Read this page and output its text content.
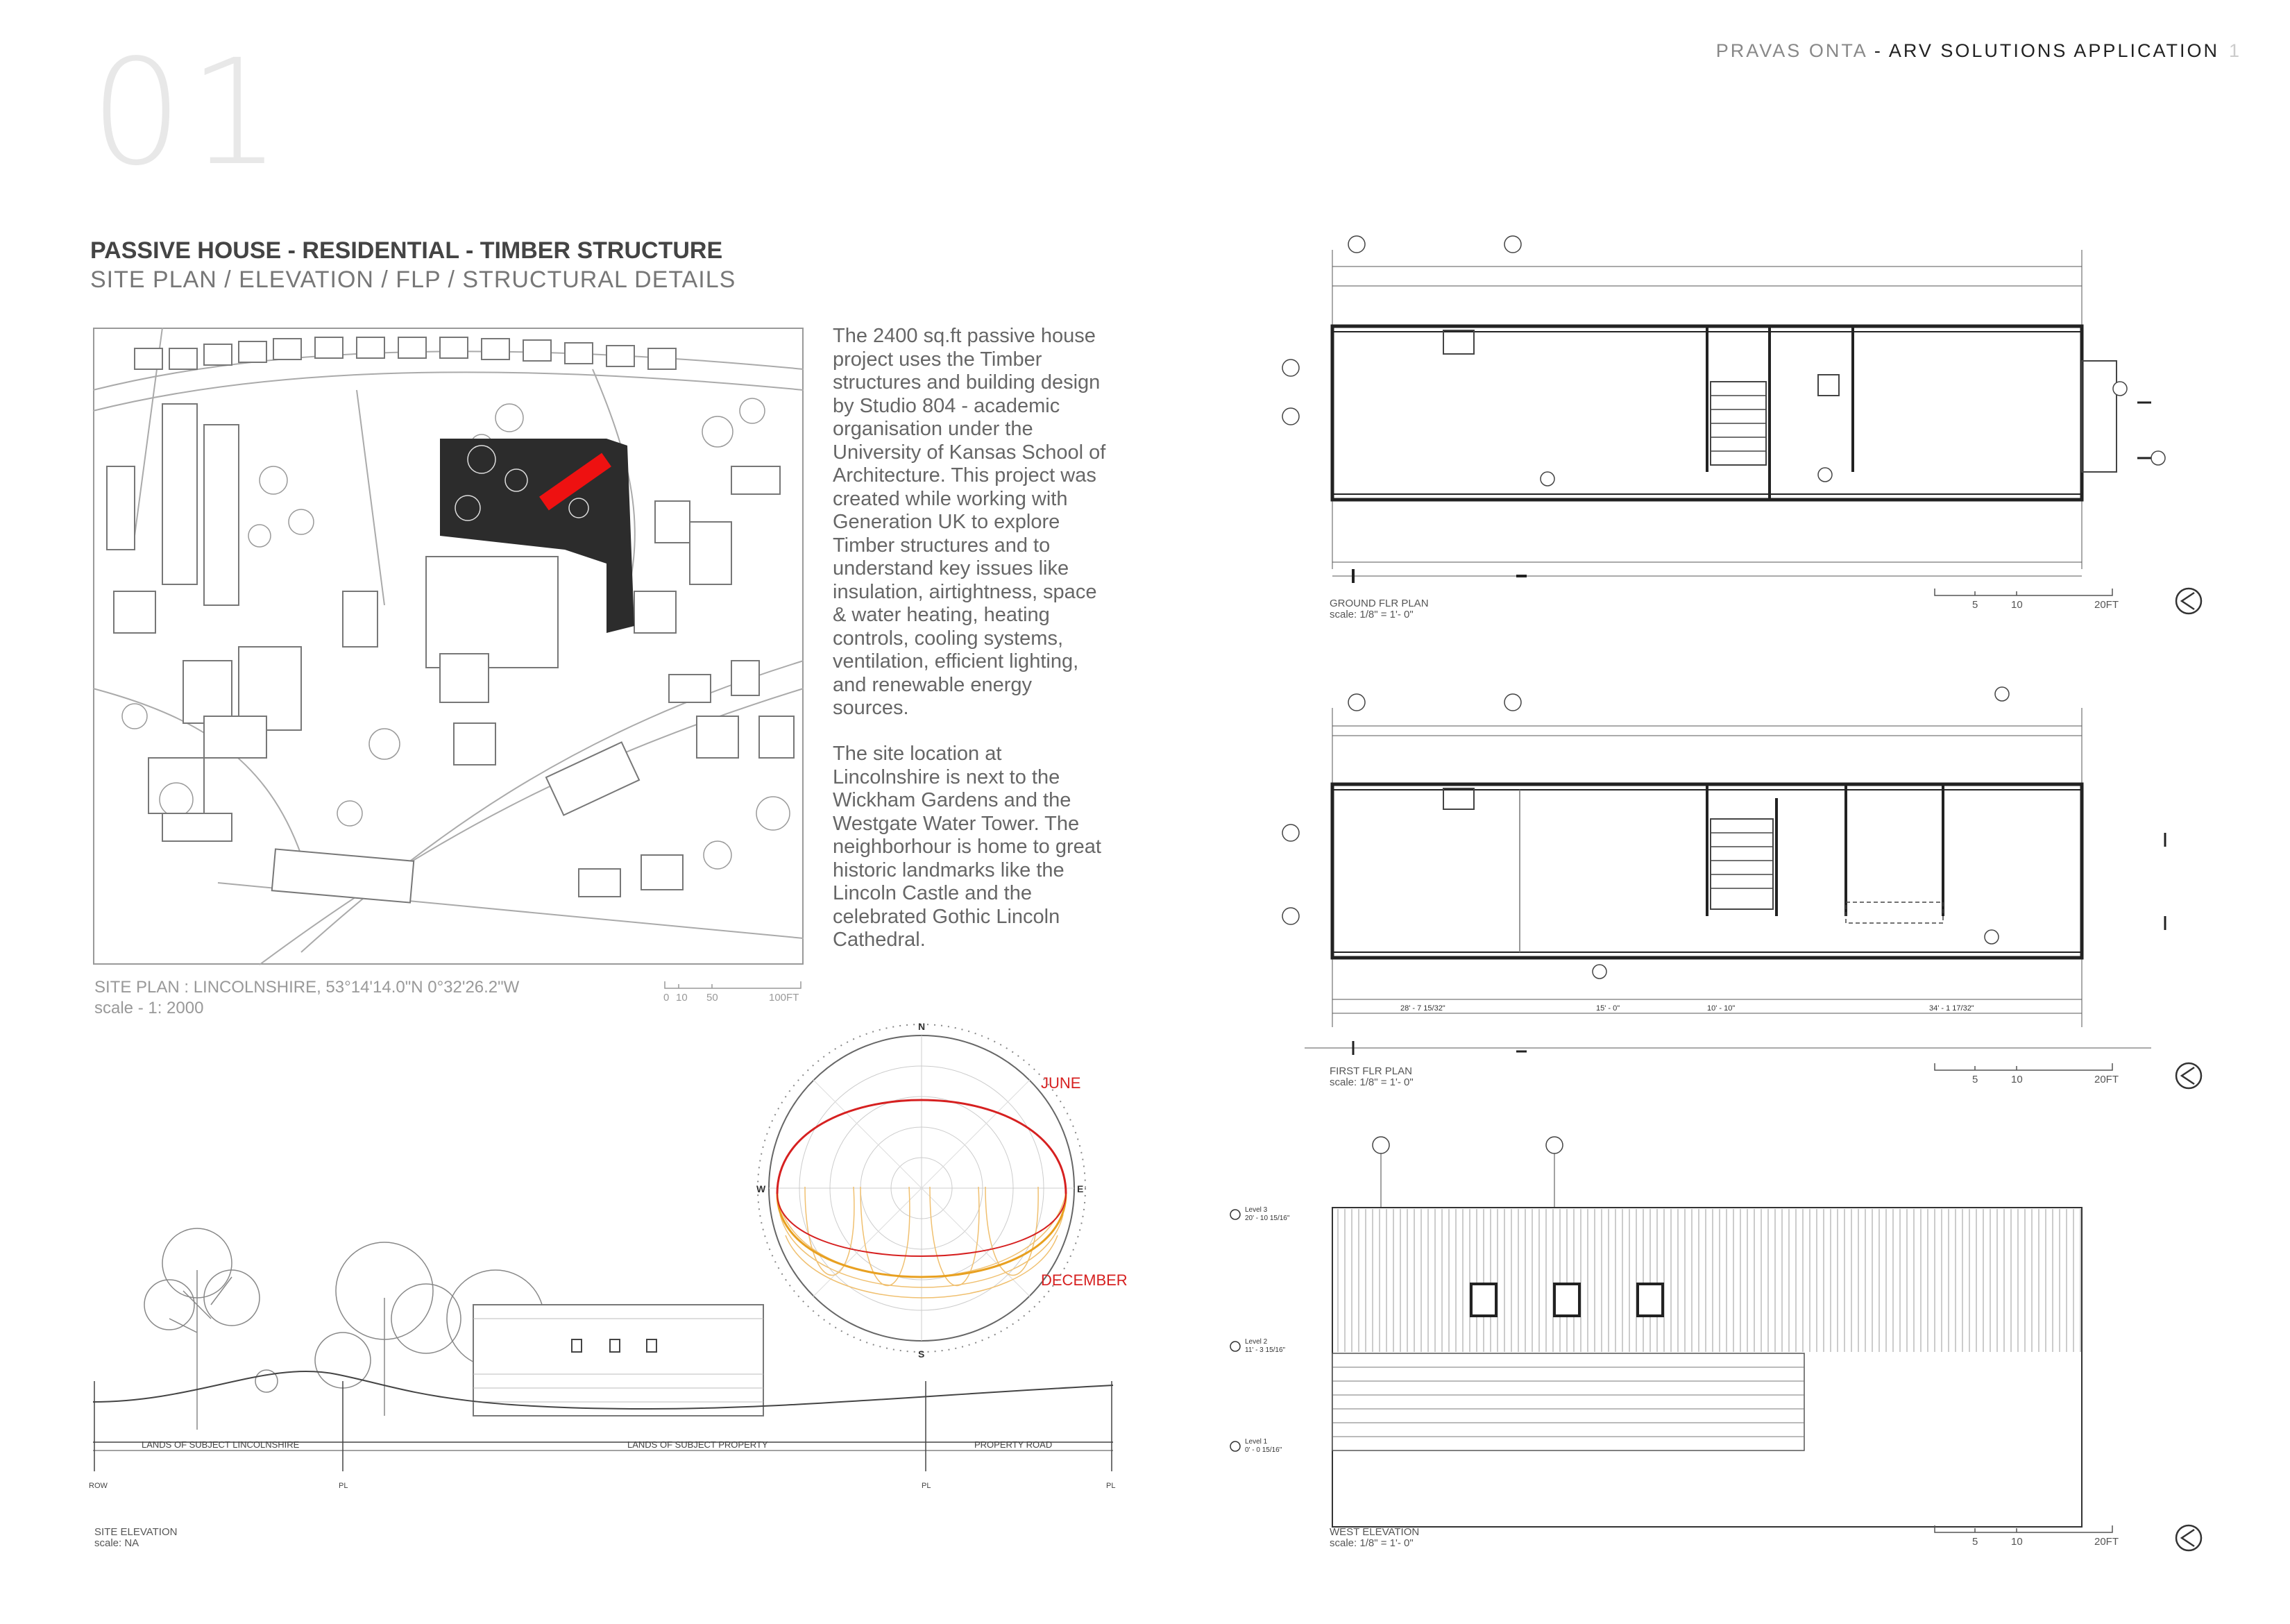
01	PRAVAS ONTA - ARV SOLUTIONS APPLICATION 1
PASSIVE HOUSE - RESIDENTIAL - TIMBER STRUCTURE
SITE PLAN / ELEVATION / FLP / STRUCTURAL DETAILS
SITE PLAN : LINCOLNSHIRE, 53°14'14.0"N 0°32'26.2"W
scale - 1: 2000
0 10 50	100FT
The 2400 sq.ft passive house project uses the Timber structures and building design by Studio 804 - academic organisation under the University of Kansas School of Architecture. This project was created while working with Generation UK to explore Timber structures and to understand key issues like insulation, airtightness, space & water heating, heating controls, cooling systems, ventilation, efficient lighting, and renewable energy sources.
The site location at Lincolnshire is next to the Wickham Gardens and the Westgate Water Tower. The neighborhour is home to great historic landmarks like the Lincoln Castle and the celebrated Gothic Lincoln Cathedral.
N
S
E
W
JUNE
DECEMBER
LANDS OF SUBJECT LINCOLNSHIRE	LANDS OF SUBJECT PROPERTY	PROPERTY ROAD
ROW	PL	PL	PL
SITE ELEVATION
scale: NA
GROUND FLR PLAN
scale: 1/8" = 1'- 0"
5	10	20FT
28' - 7 15/32"	15' - 0"	10' - 10"	34' - 1 17/32"
FIRST FLR PLAN
scale: 1/8" = 1'- 0"	5	10	20FT
Level 3
20' - 10 15/16"
Level 2
11' - 3 15/16"
Level 1
0' - 0 15/16"
WEST ELEVATION
scale: 1/8" = 1'- 0"	5	10	20FT
